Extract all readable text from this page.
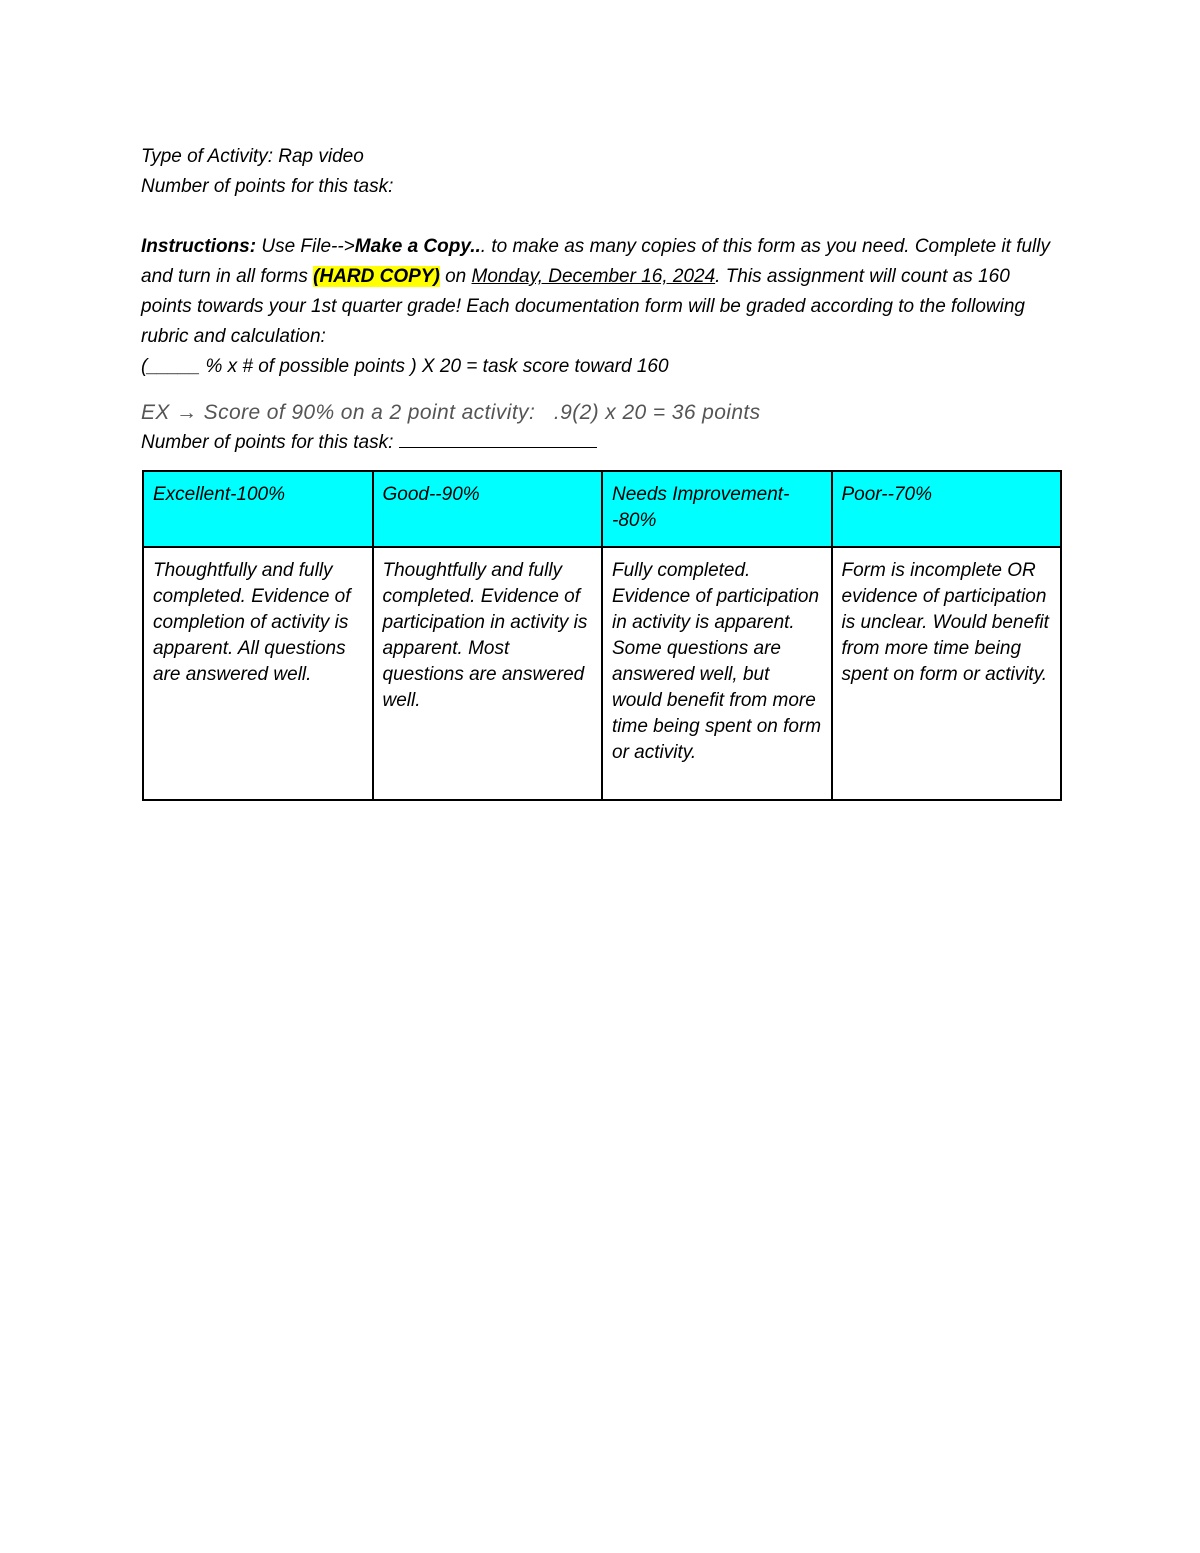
Type of Activity: Rap video
Number of points for this task:
Instructions: Use File-->Make a Copy... to make as many copies of this form as you need. Complete it fully and turn in all forms (HARD COPY) on Monday, December 16, 2024. This assignment will count as 160 points towards your 1st quarter grade! Each documentation form will be graded according to the following rubric and calculation:
(_____ % x # of possible points ) X 20 = task score toward 160
EX → Score of 90% on a 2 point activity:   .9(2) x 20 = 36 points
Number of points for this task:
Excellent-100%	Good--90%	Needs Improvement--80%	Poor--70%
Thoughtfully and fully completed. Evidence of completion of activity is apparent. All questions are answered well.	Thoughtfully and fully completed. Evidence of participation in activity is apparent. Most questions are answered well.	Fully completed. Evidence of participation in activity is apparent. Some questions are answered well, but would benefit from more time being spent on form or activity.	Form is incomplete OR evidence of participation is unclear. Would benefit from more time being spent on form or activity.
